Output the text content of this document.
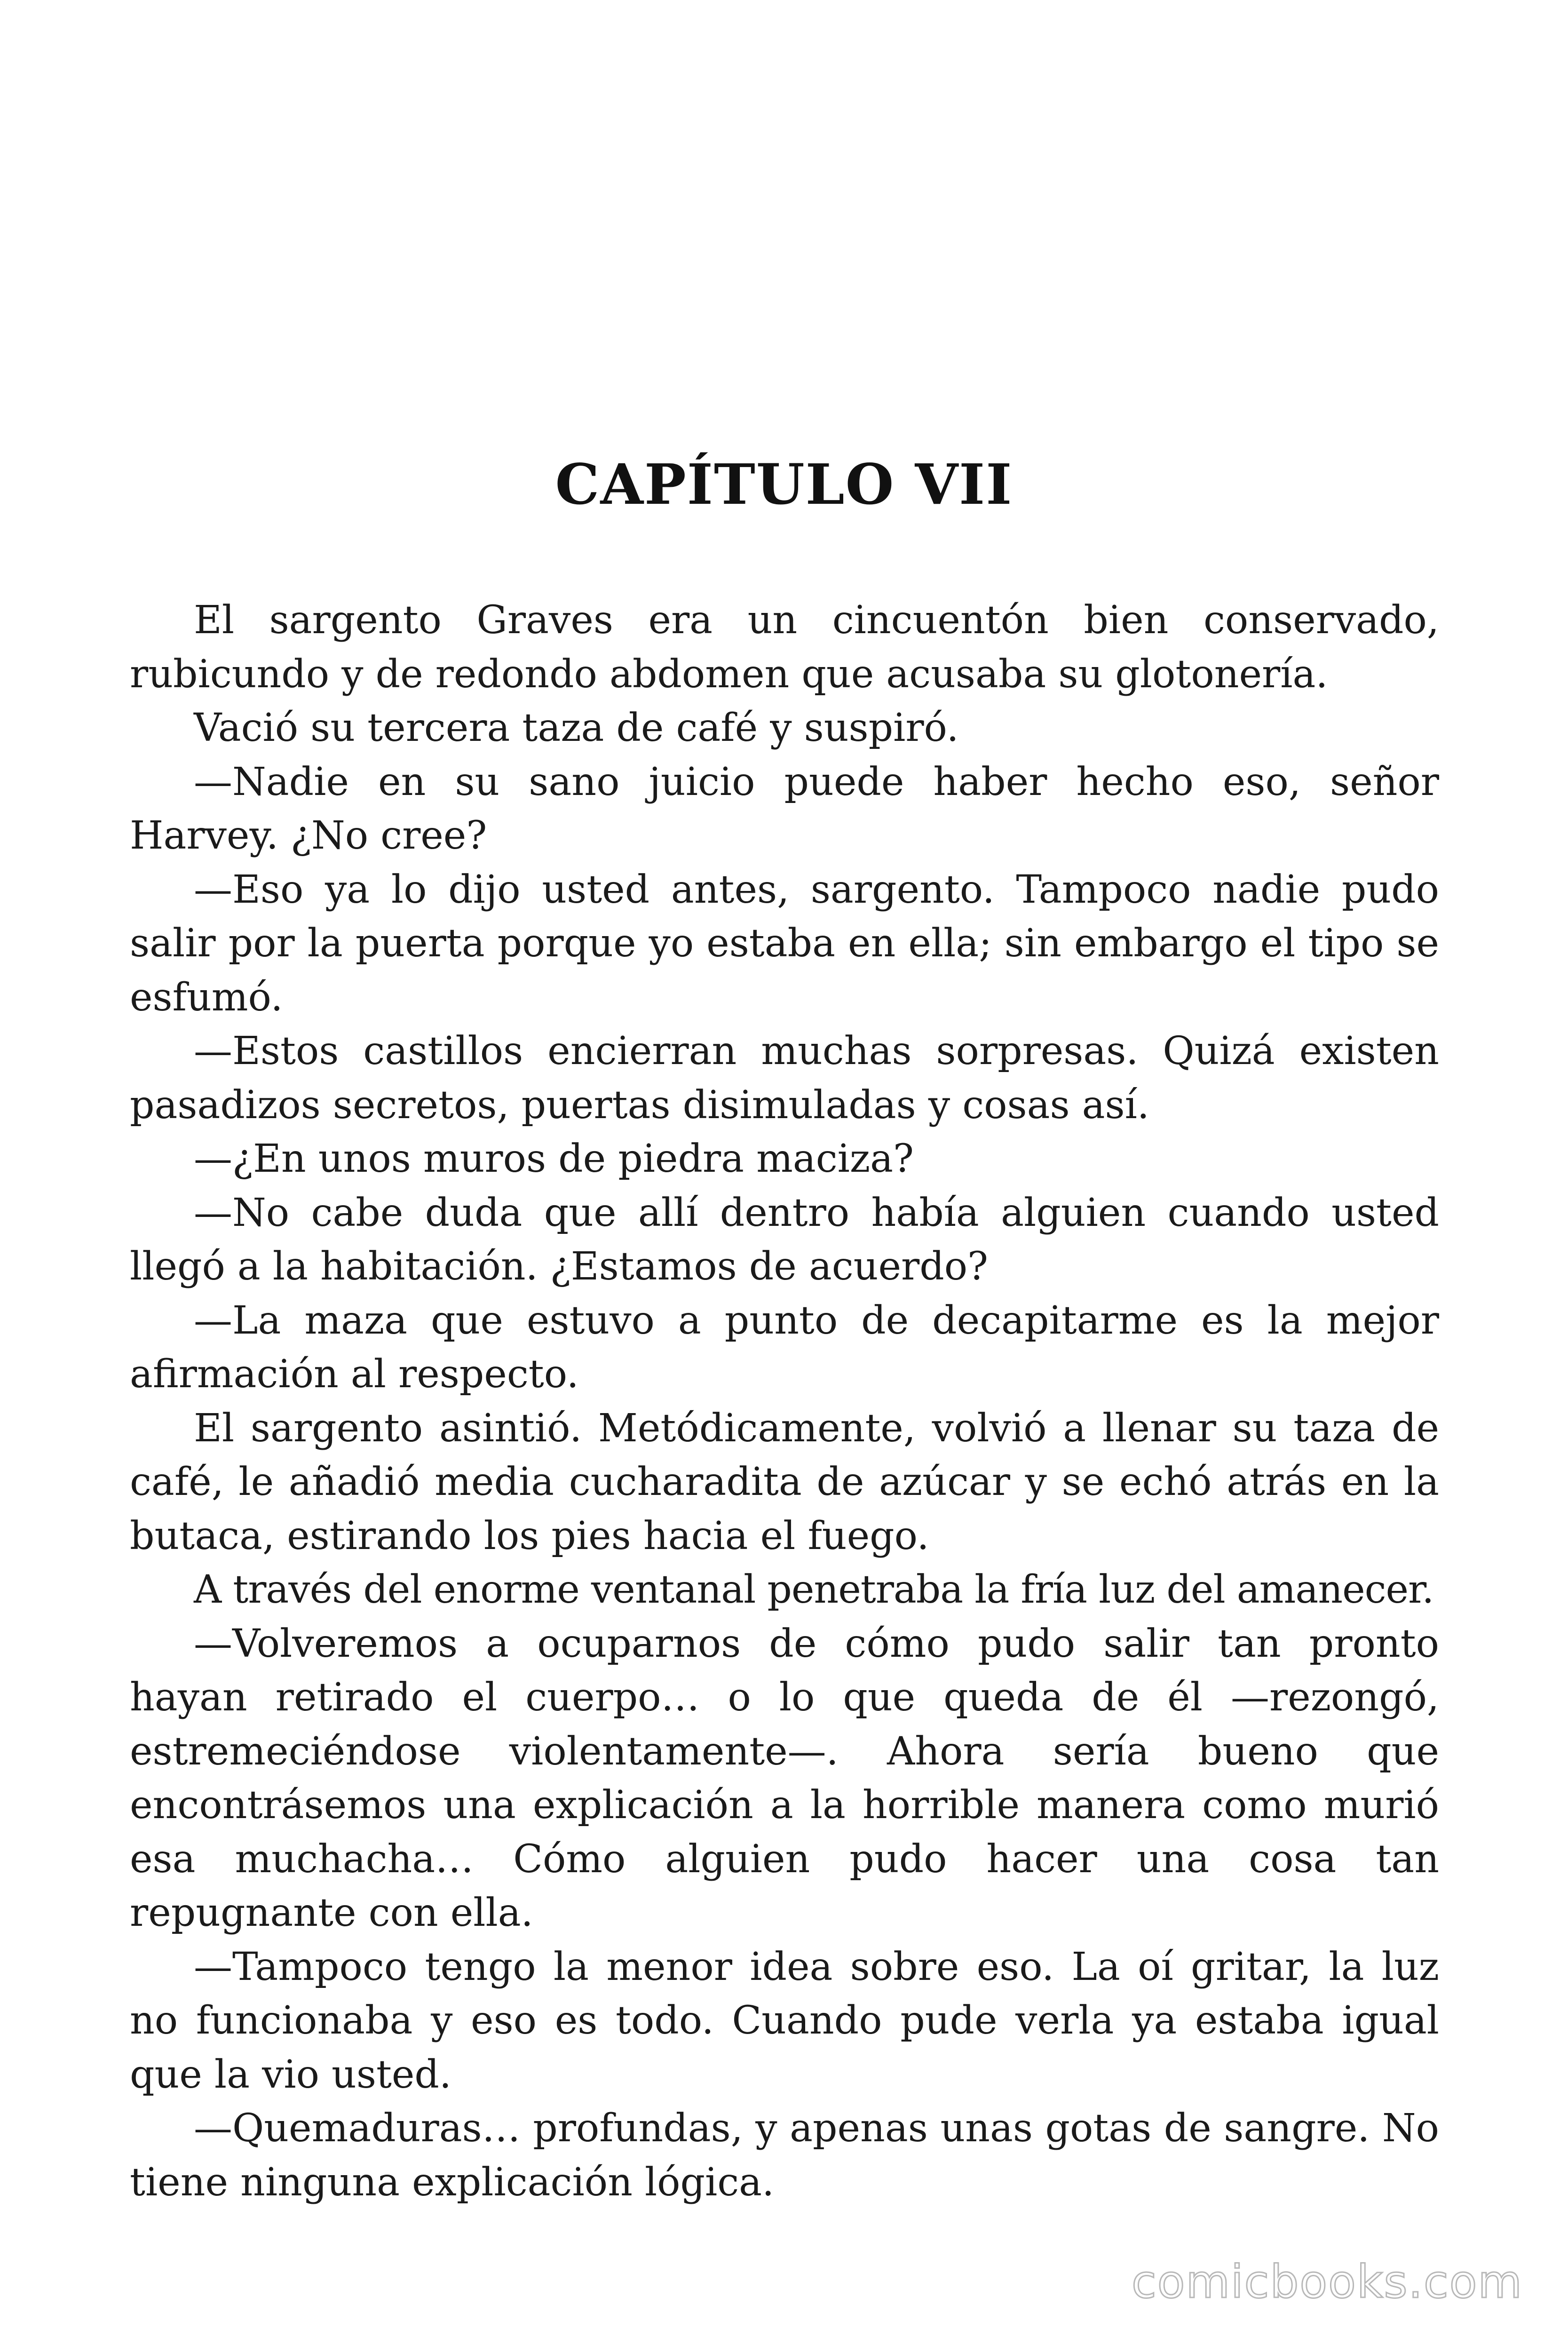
CAPÍTULO VII

El sargento Graves era un cincuentón bien conservado, rubicundo y de redondo abdomen que acusaba su glotonería.

Vació su tercera taza de café y suspiró.

—Nadie en su sano juicio puede haber hecho eso, señor Harvey. ¿No cree?

—Eso ya lo dijo usted antes, sargento. Tampoco nadie pudo salir por la puerta porque yo estaba en ella; sin embargo el tipo se esfumó.

—Estos castillos encierran muchas sorpresas. Quizá existen pasadizos secretos, puertas disimuladas y cosas así.

—¿En unos muros de piedra maciza?

—No cabe duda que allí dentro había alguien cuando usted llegó a la habitación. ¿Estamos de acuerdo?

—La maza que estuvo a punto de decapitarme es la mejor afirmación al respecto.

El sargento asintió. Metódicamente, volvió a llenar su taza de café, le añadió media cucharadita de azúcar y se echó atrás en la butaca, estirando los pies hacia el fuego.

A través del enorme ventanal penetraba la fría luz del amanecer.

—Volveremos a ocuparnos de cómo pudo salir tan pronto hayan retirado el cuerpo… o lo que queda de él —rezongó, estremeciéndose violentamente—. Ahora sería bueno que encontrásemos una explicación a la horrible manera como murió esa muchacha… Cómo alguien pudo hacer una cosa tan repugnante con ella.

—Tampoco tengo la menor idea sobre eso. La oí gritar, la luz no funcionaba y eso es todo. Cuando pude verla ya estaba igual que la vio usted.

—Quemaduras… profundas, y apenas unas gotas de sangre. No tiene ninguna explicación lógica.

comicbooks.com
